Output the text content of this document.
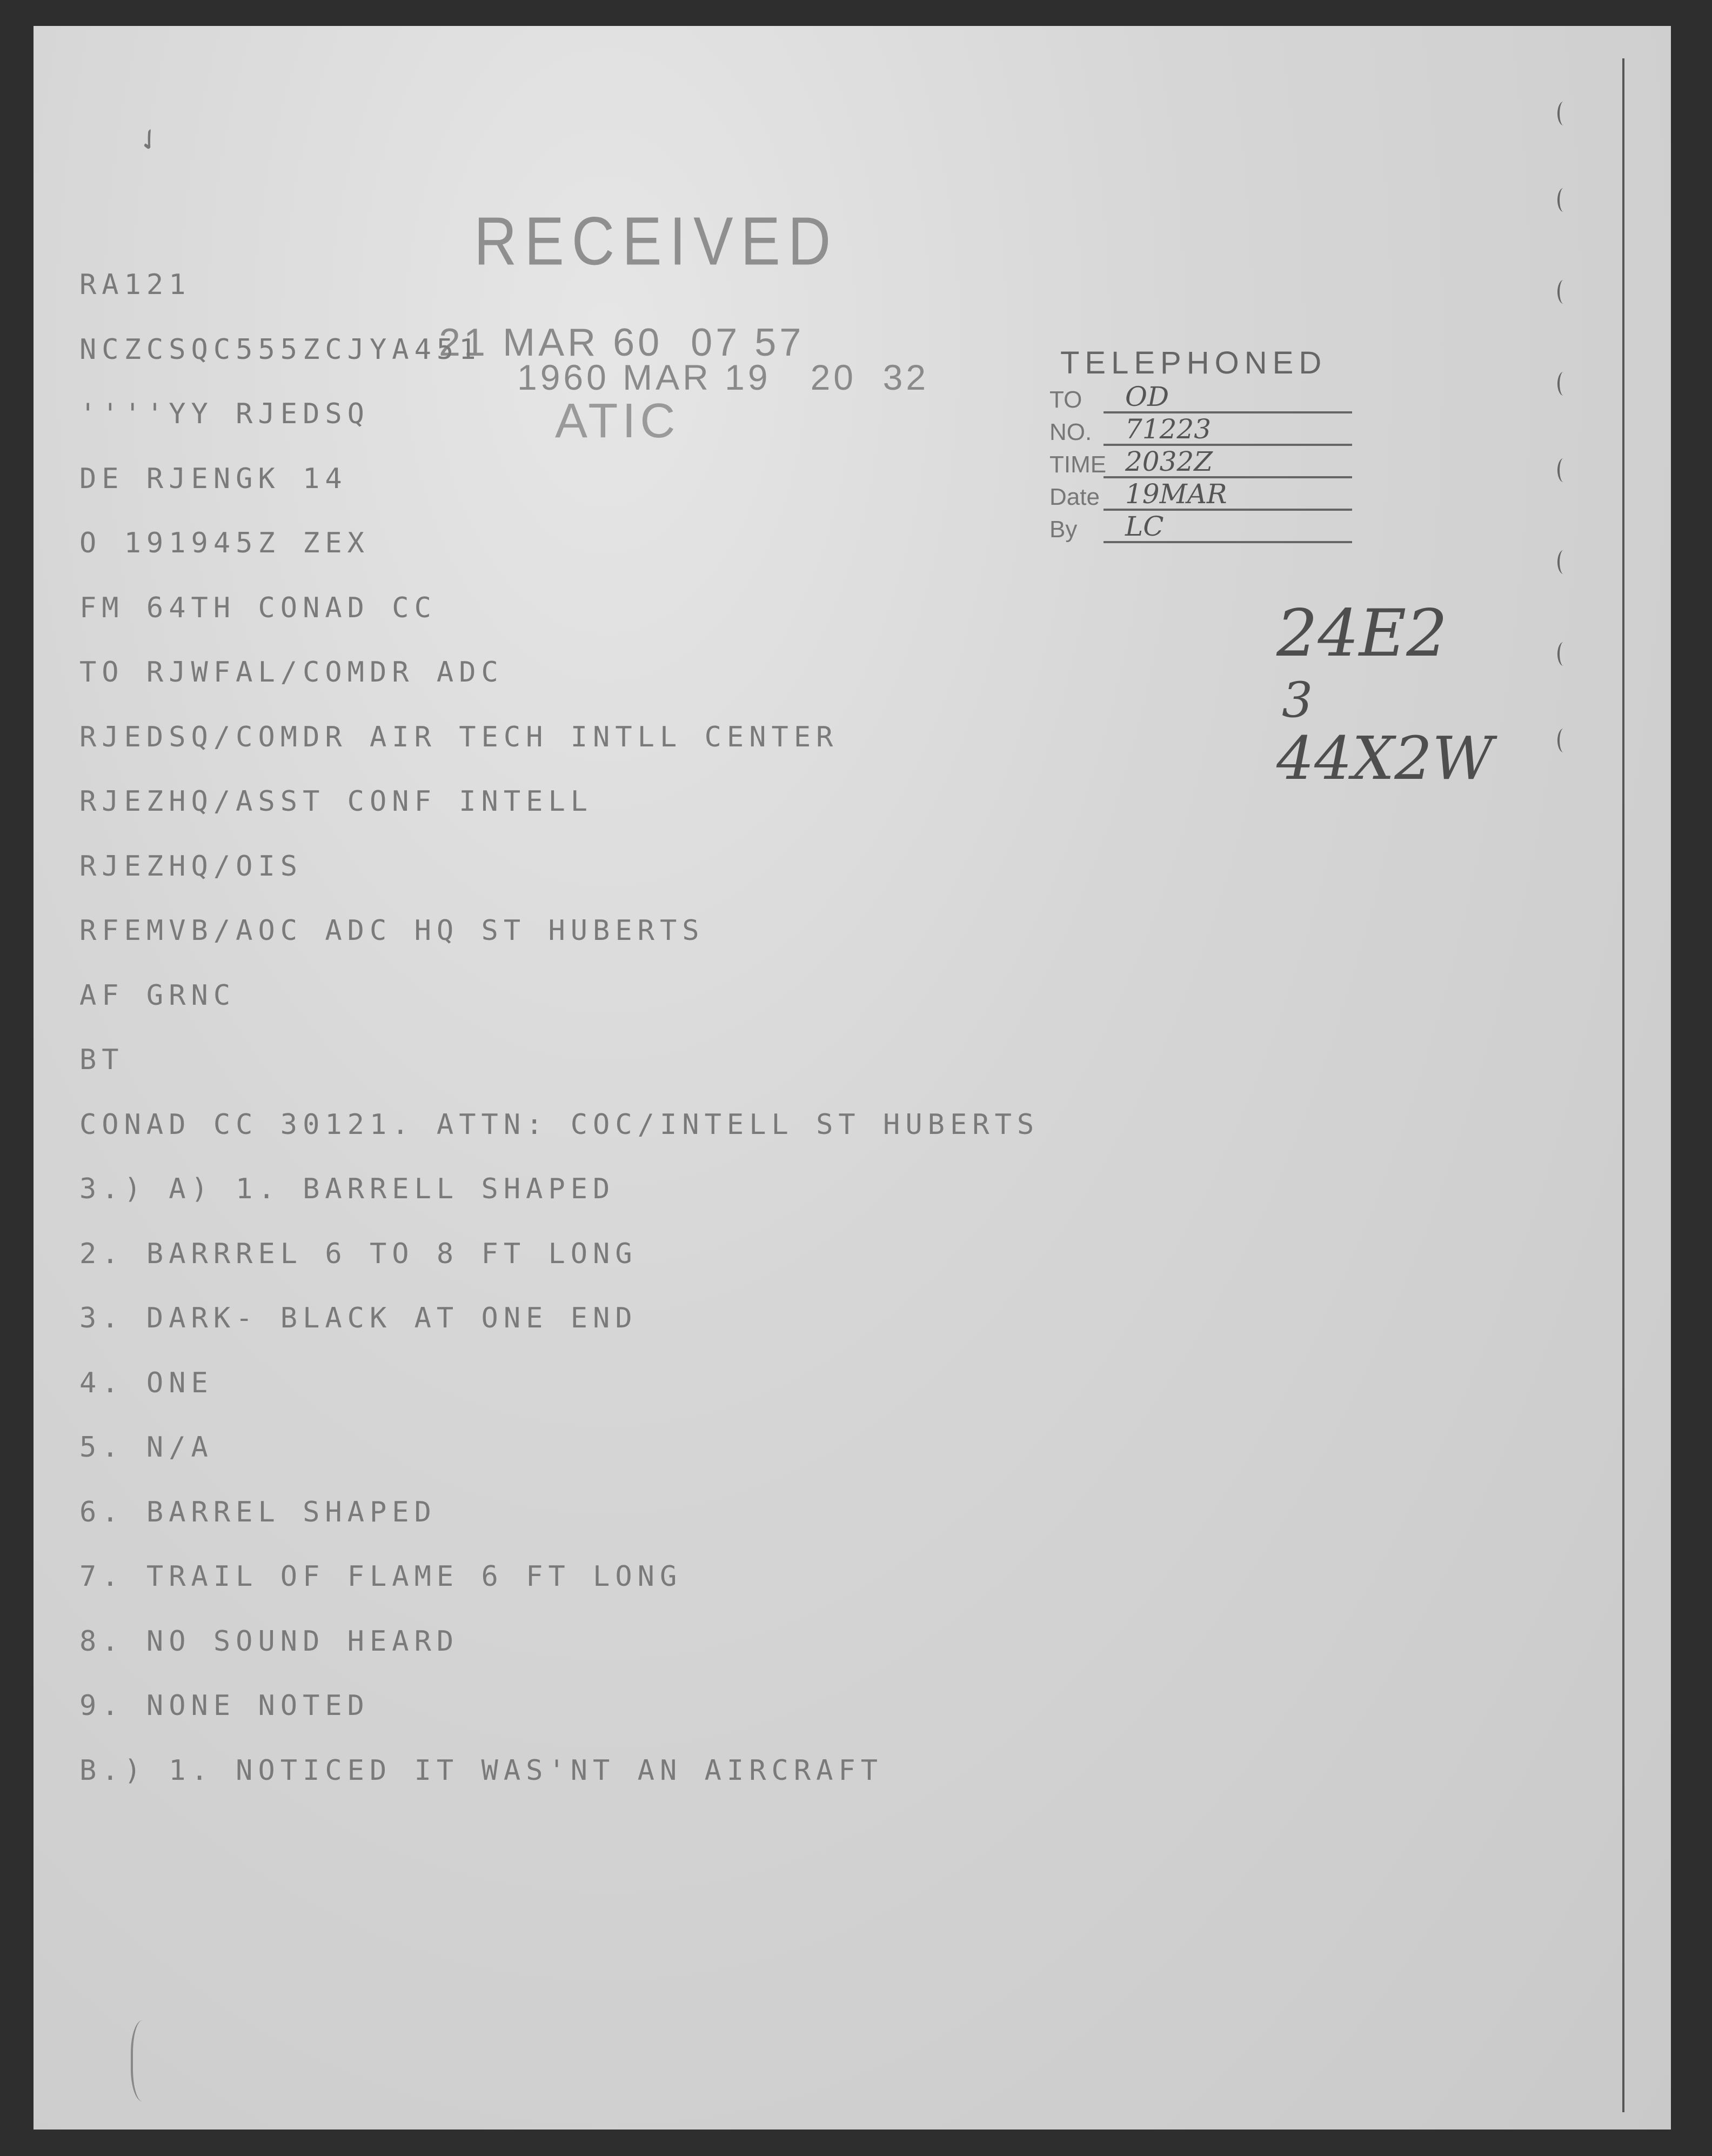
✓
RECEIVED
21 MAR 60  07 57
1960 MAR 19   20  32
ATIC
RA121
NCZCSQC555ZCJYA451
''''YY RJEDSQ
DE RJENGK 14
O 191945Z ZEX
FM 64TH CONAD CC
TO RJWFAL/COMDR ADC
RJEDSQ/COMDR AIR TECH INTLL CENTER
RJEZHQ/ASST CONF INTELL
RJEZHQ/OIS
RFEMVB/AOC ADC HQ ST HUBERTS
AF GRNC
BT
CONAD CC 30121. ATTN: COC/INTELL ST HUBERTS
3.) A) 1. BARRELL SHAPED
2. BARRREL 6 TO 8 FT LONG
3. DARK- BLACK AT ONE END
4. ONE
5. N/A
6. BARREL SHAPED
7. TRAIL OF FLAME 6 FT LONG
8. NO SOUND HEARD
9. NONE NOTED
B.) 1. NOTICED IT WAS'NT AN AIRCRAFT
TELEPHONED
TO	OD
NO.	71223
TIME 2032Z
Date 19MAR
By	LC
24E2
3
44X2W
